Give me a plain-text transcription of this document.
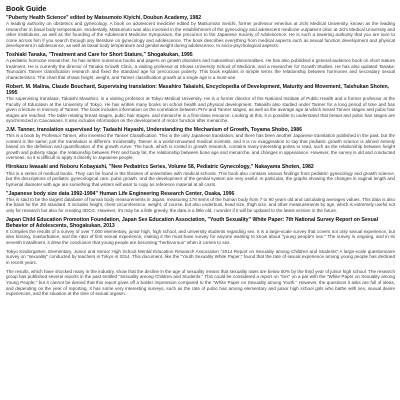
Book Guide
"Puberty Health Science" edited by Matsumoto Kiyichi, Doubun Academy, 1982
A leading authority on obstetrics and gynecology. A book on adolescent medicine edited by Matsumoto Seiichi, former professor emeritus at Jichi Medical University, known as the leading researcher in basal body temperature. Incidentally, Matsumoto was also involved in the establishment of the gynecology and adolescent medicine outpatient clinic at Jichi Medical University and other institutions, as well as the founding of the Adolescent Medicine Symposium, the precursor to the Japanese Society of Adolescence. He is such a towering authority that you are sure to come across him if you search through any literature on gynecology and adolescence. The book describes everything from medical aspects such as sexual function development and physical development in adolescence, as well as basal body temperature and genital weight during adolescence, to socio-psychological aspects.
Toshiaki Tanaka, "Treatment and Care for Short Stature," Shogakukan, 1995
A pediatric hormone researcher, he has written numerous books and papers on growth disorders and malnutrition abnormalities. He has also published a general-audience book on short stature treatment. He is currently the director of Tanaka Growth Clinic, a visiting professor at Showa University School of Medicine, and a researcher for Growth Studies. He has also updated Tanaka-Tsunoda's Tanner classification research and fixed the standard age for precocious puberty. This book explains in simple terms the relationship between hormones and secondary sexual characteristics. The chart that shows height, weight, and Tanner classification growth at a single age is a must-see.
Robert. M. Malina, Claude Bouchard, Supervising translation: Masahiro Takaishi, Encyclopedia of Development, Maturity and Movement, Taishukan Shoten, 1995
The supervising translator, Takaishi Masahiro, is a visiting professor at Tokyo Medical University. He is a former director of the National Institute of Public Health and a former professor at the Faculty of Education at the University of Tokyo. He has written many books on school health and physical development. Takaishi also studied under Tanner for a long period of time and has given a lecture in memory of Tanner. The book includes information on the correlation between PHV and Tanner stages, as well as the average age at which breast Tanner stages and pubic hair stages are reached. The table relating breast stages, pubic hair stages, and menarche is a first-class resource. Looking at this, it is possible to understand that breast and pubic hair stages are synchronized in Caucasians. It also includes information on the development of motor function after menarche.
J.M. Tanner, translation supervised by: Tadashi Hayashi, Understanding the Mechanism of Growth, Toyama Shobo, 1986
This is a book by Professor Tanner, who invented the Tanner Classification. This is the only Japanese translation, and there has been another Japanese translation published in the past, but the content is the same; just the translation is different. Incidentally, Tanner is a world-renowned medical scientist, and it is no exaggeration to say that pediatric growth science is almost entirely based on the definition and quantification of the growth curve. The book, which is rooted in growth research, contains many interesting points to read, such as the relationship between height growth and puberty stage, the relationship between PHV and body fat, the relationship between bone age and menarche, and changes in appearance. However, the survey is old and conducted overseas, so it is difficult to apply it directly to Japanese people.
Hirokazu Iwasaki and Noboru Kobayashi, "New Pediatrics Series, Volume 58, Pediatric Gynecology," Nakayama Shoten, 1982
This is a series of medical books. They can be found in the libraries of universities with medical schools. This book also contains various findings from pediatric gynecology and growth science, but the descriptions of pediatric gynecological care, pubic growth, and the development of the genital system are very useful. In particular, the graphs showing the changes in vaginal length and hymenal diameter with age are something that writers will want to copy as reference material at all costs.
"Japanese body size data 1992-1994" Human Life Engineering Research Center, Osaka, 1996
This is said to be the largest database of human body measurements in Japan, measuring 178 items of the human body from 7 to 90 years old and calculating averages values. This data is also the basis for the JIS standard. It includes height, chest circumference, weight, of course, but also underbust, head size, thigh size, and other measurements by age, which is extremely useful not only for research but also for creating 3DCG. However, it's may be a little greedy, the data is a little old, I wonder if it will be updated to the latest version in the future.
Japan Child Education Promotion Foundation, Japan Sex Education Association, "Youth Sexuality" White Paper: 7th National Survey Report on Sexual Behavior of Adolescents, Shogakukan, 2013
It compiles the results of a survey of over 7,000 elementary, junior high, high school, and university students regarding sex. It is a large-scale survey that covers not only sexual experience, but also kissing, masturbation, and the ratio of first sexual experience, making it the must-have survey for anyone wanting to know about "young people's sex." The survey is ongoing, and in its seventh installment, it drew the conclusion that young people are becoming "herbivorous" when it comes to sex.
Tokyo Kindergarten, Elementary, Junior and Senior High School Mental Education Research Association "2014 Report on Sexuality among Children and Students" A large-scale questionnaire survey on "sexuality" conducted by teachers in Tokyo in 2014. This document, like the "Youth Sexuality White Paper," found that the rate of sexual experience among young people has declined in recent years.
The results, which have shocked many in the industry, show that the decline in the age of sexuality means that sexuality rates are below 50% by the third year of junior high school. The research group has published several reports in the past entitled "Sexuality among Children and Students." This could be considered a report on "sex" on a par with the "White Paper on Sexuality among Young People," but it cannot be denied that this report gives off a bolder impression compared to the "White Paper on Sexuality among Youth." However, the questions it asks are full of ideas, and depending on the year of reporting, it has some very interesting surveys, such as the rate of pubic hair among elementary and junior high school girls who bathe with sex, sexual desire experiences, and the situation at the time of sexual orgasm.
